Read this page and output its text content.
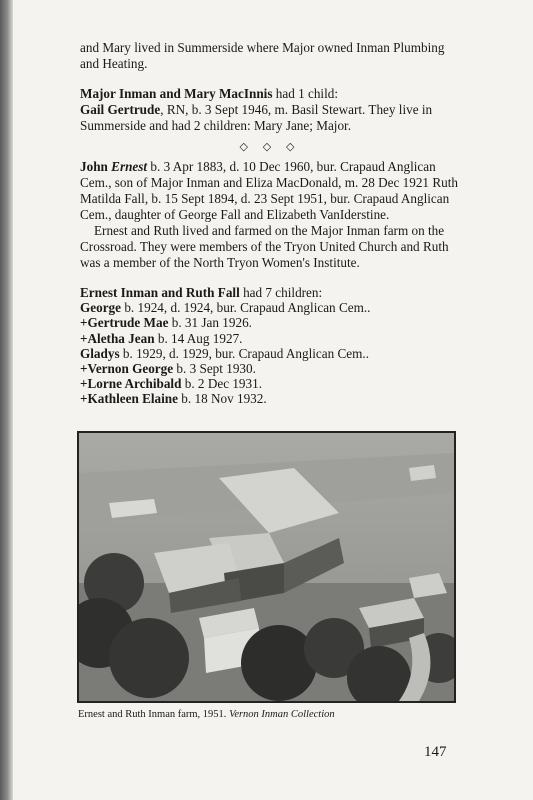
and Mary lived in Summerside where Major owned Inman Plumbing and Heating.

Major Inman and Mary MacInnis had 1 child:

Gail Gertrude, RN, b. 3 Sept 1946, m. Basil Stewart. They live in Summerside and had 2 children: Mary Jane; Major.

◇ ◇ ◇

John Ernest b. 3 Apr 1883, d. 10 Dec 1960, bur. Crapaud Anglican Cem., son of Major Inman and Eliza MacDonald, m. 28 Dec 1921 Ruth Matilda Fall, b. 15 Sept 1894, d. 23 Sept 1951, bur. Crapaud Anglican Cem., daughter of George Fall and Elizabeth VanIderstine.

Ernest and Ruth lived and farmed on the Major Inman farm on the Crossroad. They were members of the Tryon United Church and Ruth was a member of the North Tryon Women's Institute.

Ernest Inman and Ruth Fall had 7 children:

George b. 1924, d. 1924, bur. Crapaud Anglican Cem..

+Gertrude Mae b. 31 Jan 1926.

+Aletha Jean b. 14 Aug 1927.

Gladys b. 1929, d. 1929, bur. Crapaud Anglican Cem..

+Vernon George b. 3 Sept 1930.

+Lorne Archibald b. 2 Dec 1931.

+Kathleen Elaine b. 18 Nov 1932.

Ernest and Ruth Inman farm, 1951. Vernon Inman Collection
147
